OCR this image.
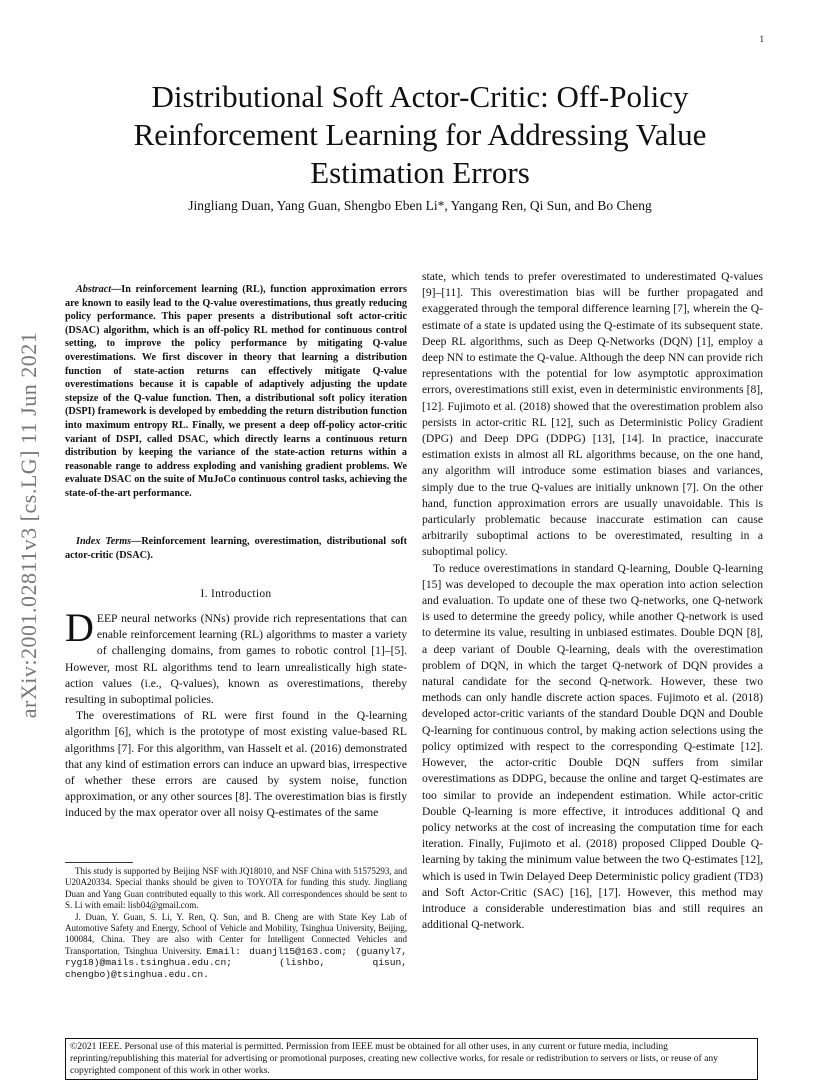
1
arXiv:2001.02811v3 [cs.LG] 11 Jun 2021
Distributional Soft Actor-Critic: Off-Policy Reinforcement Learning for Addressing Value Estimation Errors
Jingliang Duan, Yang Guan, Shengbo Eben Li*, Yangang Ren, Qi Sun, and Bo Cheng

Abstract—In reinforcement learning (RL), function approximation errors are known to easily lead to the Q-value overestimations, thus greatly reducing policy performance. This paper presents a distributional soft actor-critic (DSAC) algorithm, which is an off-policy RL method for continuous control setting, to improve the policy performance by mitigating Q-value overestimations. We first discover in theory that learning a distribution function of state-action returns can effectively mitigate Q-value overestimations because it is capable of adaptively adjusting the update stepsize of the Q-value function. Then, a distributional soft policy iteration (DSPI) framework is developed by embedding the return distribution function into maximum entropy RL. Finally, we present a deep off-policy actor-critic variant of DSPI, called DSAC, which directly learns a continuous return distribution by keeping the variance of the state-action returns within a reasonable range to address exploding and vanishing gradient problems. We evaluate DSAC on the suite of MuJoCo continuous control tasks, achieving the state-of-the-art performance.

Index Terms—Reinforcement learning, overestimation, distributional soft actor-critic (DSAC).

I. Introduction

DEEP neural networks (NNs) provide rich representations that can enable reinforcement learning (RL) algorithms to master a variety of challenging domains, from games to robotic control [1]–[5]. However, most RL algorithms tend to learn unrealistically high state-action values (i.e., Q-values), known as overestimations, thereby resulting in suboptimal policies.

The overestimations of RL were first found in the Q-learning algorithm [6], which is the prototype of most existing value-based RL algorithms [7]. For this algorithm, van Hasselt et al. (2016) demonstrated that any kind of estimation errors can induce an upward bias, irrespective of whether these errors are caused by system noise, function approximation, or any other sources [8]. The overestimation bias is firstly induced by the max operator over all noisy Q-estimates of the same

This study is supported by Beijing NSF with JQ18010, and NSF China with 51575293, and U20A20334. Special thanks should be given to TOYOTA for funding this study. Jingliang Duan and Yang Guan contributed equally to this work. All correspondences should be sent to S. Li with email: lisb04@gmail.com.

J. Duan, Y. Guan, S. Li, Y. Ren, Q. Sun, and B. Cheng are with State Key Lab of Automotive Safety and Energy, School of Vehicle and Mobility, Tsinghua University, Beijing, 100084, China. They are also with Center for Intelligent Connected Vehicles and Transportation, Tsinghua University. Email: duanjl15@163.com; (guanyl7, ryg18)@mails.tsinghua.edu.cn; (lishbo, qisun, chengbo)@tsinghua.edu.cn.

state, which tends to prefer overestimated to underestimated Q-values [9]–[11]. This overestimation bias will be further propagated and exaggerated through the temporal difference learning [7], wherein the Q-estimate of a state is updated using the Q-estimate of its subsequent state. Deep RL algorithms, such as Deep Q-Networks (DQN) [1], employ a deep NN to estimate the Q-value. Although the deep NN can provide rich representations with the potential for low asymptotic approximation errors, overestimations still exist, even in deterministic environments [8], [12]. Fujimoto et al. (2018) showed that the overestimation problem also persists in actor-critic RL [12], such as Deterministic Policy Gradient (DPG) and Deep DPG (DDPG) [13], [14]. In practice, inaccurate estimation exists in almost all RL algorithms because, on the one hand, any algorithm will introduce some estimation biases and variances, simply due to the true Q-values are initially unknown [7]. On the other hand, function approximation errors are usually unavoidable. This is particularly problematic because inaccurate estimation can cause arbitrarily suboptimal actions to be overestimated, resulting in a suboptimal policy.

To reduce overestimations in standard Q-learning, Double Q-learning [15] was developed to decouple the max operation into action selection and evaluation. To update one of these two Q-networks, one Q-network is used to determine the greedy policy, while another Q-network is used to determine its value, resulting in unbiased estimates. Double DQN [8], a deep variant of Double Q-learning, deals with the overestimation problem of DQN, in which the target Q-network of DQN provides a natural candidate for the second Q-network. However, these two methods can only handle discrete action spaces. Fujimoto et al. (2018) developed actor-critic variants of the standard Double DQN and Double Q-learning for continuous control, by making action selections using the policy optimized with respect to the corresponding Q-estimate [12]. However, the actor-critic Double DQN suffers from similar overestimations as DDPG, because the online and target Q-estimates are too similar to provide an independent estimation. While actor-critic Double Q-learning is more effective, it introduces additional Q and policy networks at the cost of increasing the computation time for each iteration. Finally, Fujimoto et al. (2018) proposed Clipped Double Q-learning by taking the minimum value between the two Q-estimates [12], which is used in Twin Delayed Deep Deterministic policy gradient (TD3) and Soft Actor-Critic (SAC) [16], [17]. However, this method may introduce a considerable underestimation bias and still requires an additional Q-network.

©2021 IEEE. Personal use of this material is permitted. Permission from IEEE must be obtained for all other uses, in any current or future media, including reprinting/republishing this material for advertising or promotional purposes, creating new collective works, for resale or redistribution to servers or lists, or reuse of any copyrighted component of this work in other works.
